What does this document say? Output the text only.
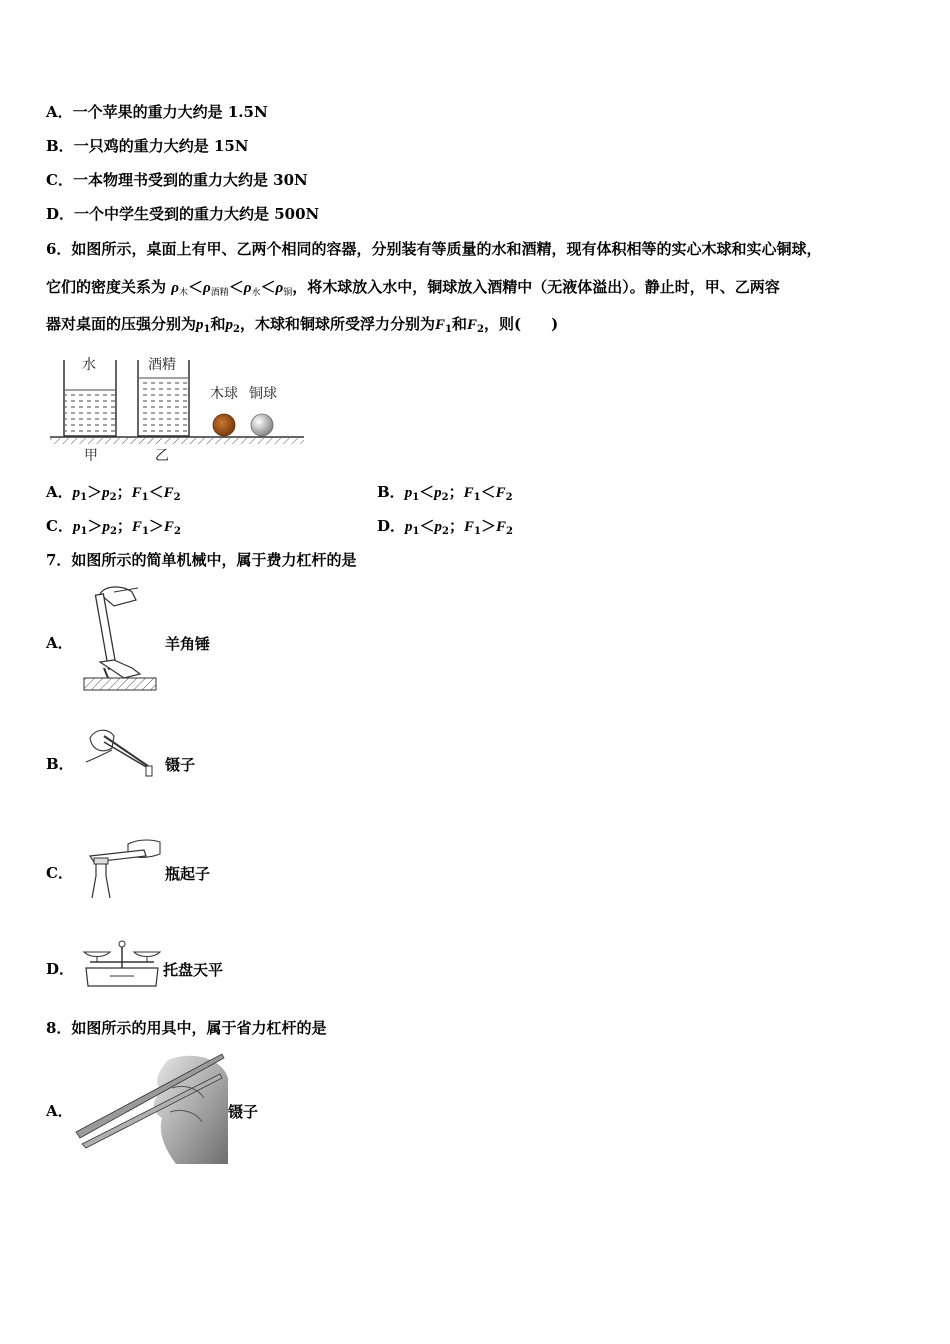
A．一个苹果的重力大约是 1.5N
B．一只鸡的重力大约是 15N
C．一本物理书受到的重力大约是 30N
D．一个中学生受到的重力大约是 500N
6．如图所示，桌面上有甲、乙两个相同的容器，分别装有等质量的水和酒精，现有体积相等的实心木球和实心铜球，
它们的密度关系为 $\rho_木<\rho_{酒精}<\rho_水<\rho_铜$，将木球放入水中，铜球放入酒精中（无液体溢出）。静止时，甲、乙两容
器对桌面的压强分别为$p_1$和$p_2$，木球和铜球所受浮力分别为$F_1$和$F_2$，则(　　)
水	酒精
木球 铜球
甲	乙
A．$p_1>p_2$；$F_1<F_2$	B．$p_1<p_2$；$F_1<F_2$
C．$p_1>p_2$；$F_1>F_2$	D．$p_1<p_2$；$F_1>F_2$
7．如图所示的简单机械中，属于费力杠杆的是
A．	羊角锤
B．	镊子
C．	瓶起子
D．	托盘天平
8．如图所示的用具中，属于省力杠杆的是
A．	镊子
